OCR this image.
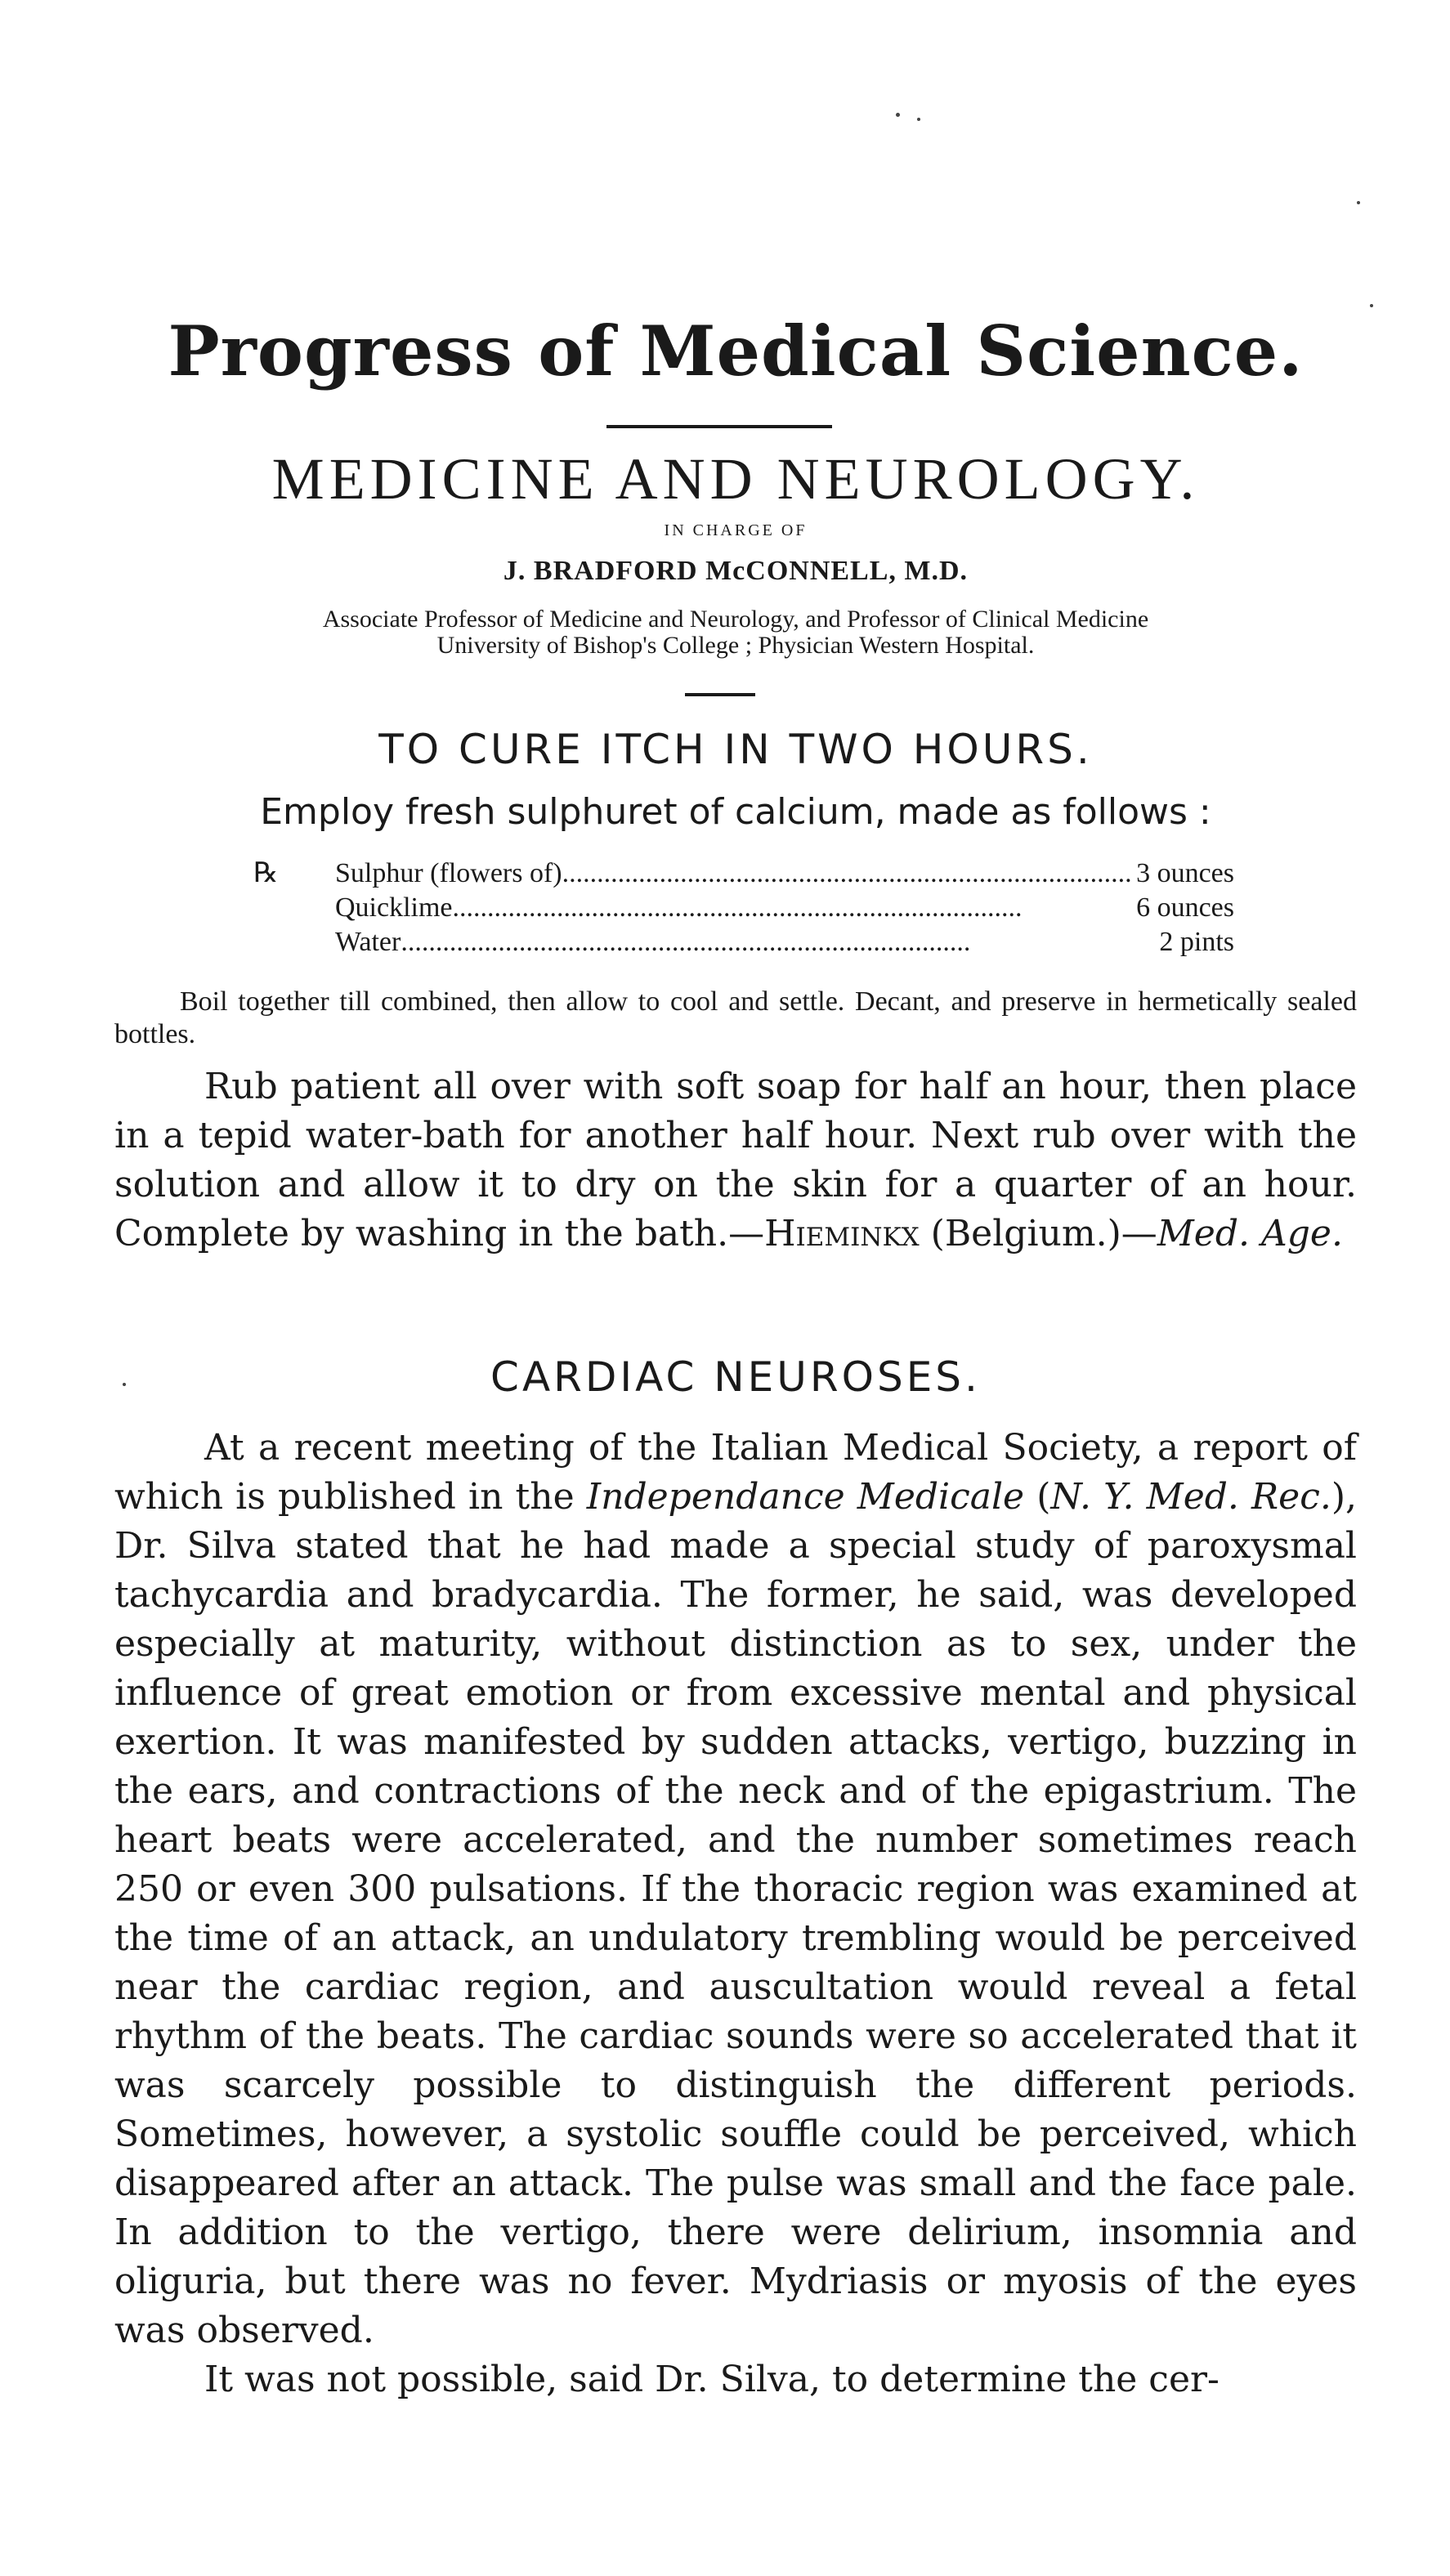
Progress of Medical Science.
MEDICINE AND NEUROLOGY.
IN CHARGE OF
J. BRADFORD McCONNELL, M.D.
Associate Professor of Medicine and Neurology, and Professor of Clinical Medicine
University of Bishop's College ; Physician Western Hospital.
TO CURE ITCH IN TWO HOURS.
Employ fresh sulphuret of calcium, made as follows :
℞ Sulphur (flowers of) .................................................................................. 3 ounces
Quicklime ..................................................................................	6 ounces
Water ..................................................................................	2 pints
Boil together till combined, then allow to cool and settle. Decant, and preserve in hermetically sealed bottles.

Rub patient all over with soft soap for half an hour, then place in a tepid water-bath for another half hour. Next rub over with the solution and allow it to dry on the skin for a quarter of an hour. Complete by washing in the bath.—Hieminkx (Belgium.)—Med. Age.

CARDIAC NEUROSES.

At a recent meeting of the Italian Medical Society, a report of which is published in the Independance Medicale (N. Y. Med. Rec.), Dr. Silva stated that he had made a special study of paroxysmal tachycardia and bradycardia. The former, he said, was developed especially at maturity, without distinction as to sex, under the influence of great emotion or from excessive mental and physical exertion. It was manifested by sudden attacks, vertigo, buzzing in the ears, and contractions of the neck and of the epigastrium. The heart beats were accelerated, and the number sometimes reach 250 or even 300 pulsations. If the thoracic region was examined at the time of an attack, an undulatory trembling would be perceived near the cardiac region, and auscultation would reveal a fetal rhythm of the beats. The cardiac sounds were so accelerated that it was scarcely possible to distinguish the different periods. Sometimes, however, a systolic souffle could be perceived, which disappeared after an attack. The pulse was small and the face pale. In addition to the vertigo, there were delirium, insomnia and oliguria, but there was no fever. Mydriasis or myosis of the eyes was observed.

It was not possible, said Dr. Silva, to determine the cer-
